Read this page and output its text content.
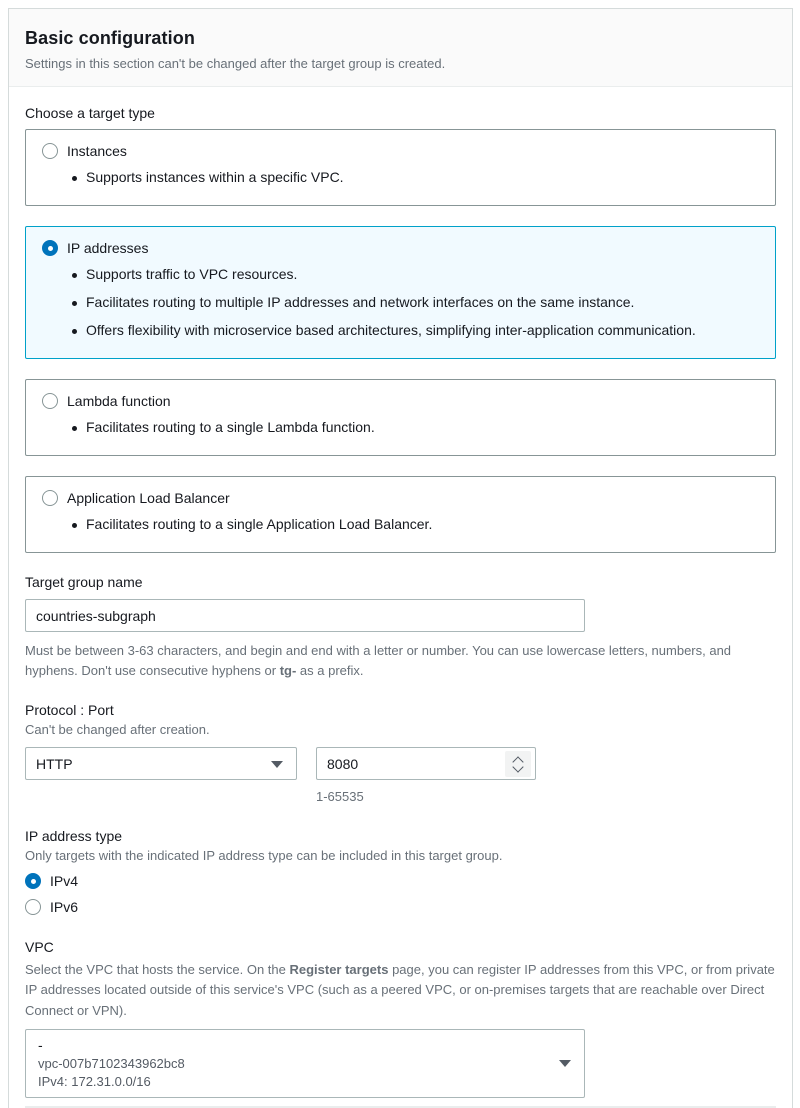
Basic configuration
Settings in this section can't be changed after the target group is created.
Choose a target type
Instances
Supports instances within a specific VPC.
IP addresses
Supports traffic to VPC resources.
Facilitates routing to multiple IP addresses and network interfaces on the same instance.
Offers flexibility with microservice based architectures, simplifying inter-application communication.
Lambda function
Facilitates routing to a single Lambda function.
Application Load Balancer
Facilitates routing to a single Application Load Balancer.
Target group name
countries-subgraph
Must be between 3-63 characters, and begin and end with a letter or number. You can use lowercase letters, numbers, and hyphens. Don't use consecutive hyphens or tg- as a prefix.
Protocol : Port
Can't be changed after creation.
HTTP	8080
1-65535
IP address type
Only targets with the indicated IP address type can be included in this target group.
IPv4
IPv6
VPC
Select the VPC that hosts the service. On the Register targets page, you can register IP addresses from this VPC, or from private IP addresses located outside of this service's VPC (such as a peered VPC, or on-premises targets that are reachable over Direct Connect or VPN).
-
vpc-007b7102343962bc8
IPv4: 172.31.0.0/16
